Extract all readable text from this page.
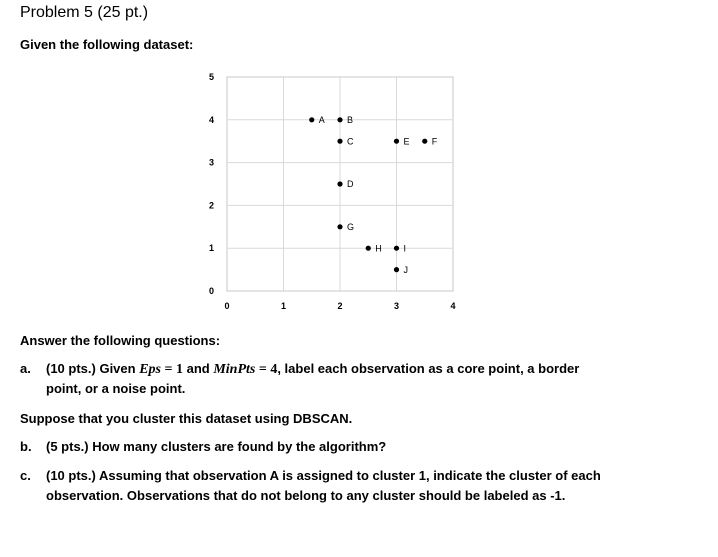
Problem 5 (25 pt.)
Given the following dataset:
0
1
2
3
4
5
0	1	2	3	4
A B
C	E F
D
G
H I
J
Answer the following questions:
a. (10 pts.) Given Eps = 1 and MinPts = 4, label each observation as a core point, a border
point, or a noise point.
Suppose that you cluster this dataset using DBSCAN.
b. (5 pts.) How many clusters are found by the algorithm?
c. (10 pts.) Assuming that observation A is assigned to cluster 1, indicate the cluster of each
observation. Observations that do not belong to any cluster should be labeled as -1.
